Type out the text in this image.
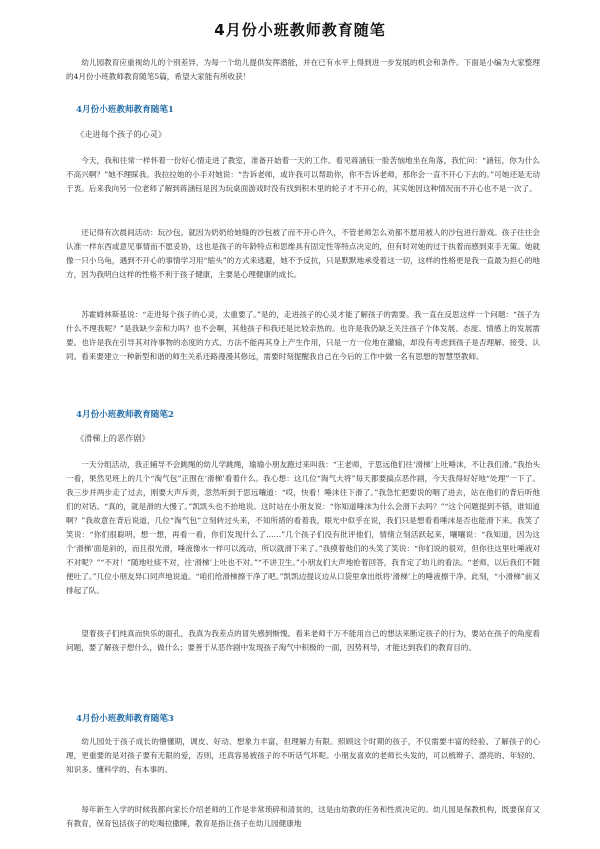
4月份小班教师教育随笔

幼儿园教育应重视幼儿的个别差异，为每一个幼儿提供发挥潜能，并在已有水平上得到进一步发展的机会和条件。下面是小编为大家整理的4月份小班教师教育随笔5篇，希望大家能有所收获！

4月份小班教师教育随笔1
《走进每个孩子的心灵》

今天，我和往常一样怀着一份好心情走进了教室，准备开始着一天的工作。看见蒋涵钰一脸苦恼地坐在角落，我忙问：“涵钰，你为什么不高兴啊？”她不理睬我。我拉拉她的小手对她说：“告诉老师，或许我可以帮助你，你不告诉老师，那你会一直不开心下去的。”可她还是无动于衷。后来我向另一位老师了解到蒋涵钰是因为玩桌面游戏时没有找到积木里的轮子才不开心的，其实她因这种情况而不开心也不是一次了。

还记得有次晨间活动：玩沙包。就因为奶奶给她缝的沙包被了而不开心许久，不管老师怎么劝都不愿用被人的沙包进行游戏。孩子往往会认准一样东西或意见事情而不愿妥协，这也是孩子的年龄特点和思维具有固定性等特点决定的，但有时对她的过于执着而感到束手无策。她就像一只小乌龟，遇到不开心的事情学习用“缩头”的方式来逃避，她不予反抗，只是默默地承受着这一切，这样的性格更是我一直最为担心的地方，因为我明白这样的性格不利于孩子健康，主要是心理健康的成长。

苏霍姆林斯基说：“走进每个孩子的心灵，太重要了。”是的，走进孩子的心灵才能了解孩子的需要。我一直在反思这样一个问题：“孩子为什么不理我呢？”是我缺少亲和力吗？也不会啊，其他孩子和我还是比较亲热的。也许是我仍缺乏关注孩子个体发展、态度、情感上的发展需要。也许是我在引导其对待事物的态度的方式、方法不能再其身上产生作用，只是一方一位地在灌输，却没有考虑到孩子是否理解、接受、认同。看来要建立一种新型和谐的师生关系还路漫漫其修远，需要时刻提醒我自己在今后的工作中做一名有思想的智慧型教师。

4月份小班教师教育随笔2
《滑梯上的恶作剧》

一天分组活动，我正辅导不会跳绳的幼儿学跳绳，瑜瑜小朋友跑过来叫我：“王老师，于思远他们往‘滑梯’上吐唾沫，不让我们滑。”我抬头一看，果然见班上的几个“淘气包”正围在‘滑梯’看着什么。我心想：这几位“淘气大将”每天都要搞点恶作剧，今天我得好好地“处理”一下了。我三步并两步走了过去，刚要大声斥责，忽然听到于思远嚷道：“哎，快看！唾沫往下滑了。”我急忙把要说的咽了进去，站在他们的背后听他们的对话。“真的，就是滑的大慢了。”凯凯头也不抬地说。这时站在小朋友说：“你知道唾沫为什么会滑下去吗？”“这个问题提到不错，谁知道啊？”我故意在背后说道，几位“淘气包”立刻转过头来，不知所措的看着我，眼光中似乎在说，我们只是想看看唾沫是否也能滑下来。我笑了笑说：“你们很聪明，想一想，再看一看，你们发现什么了……”几个孩子们没有批评他们，情绪立刻活跃起来，嚷嚷说：“我知道，因为这个‘滑梯’面是斜的，而且很光滑，唾液像水一样可以流动，所以就滑下来了。”我摸着他们的头笑了笑说：“你们说的很对，但你往这里吐唾液对不对呢？”“不对！”随地吐痰不对，往‘滑梯’上吐也不对。”“不讲卫生。”小朋友们大声地抢着回答，我肯定了幼儿的看法。“老师，以后我们不随便吐了。”几位小朋友异口同声地说道。“咱们给滑梯擦干净了吧。”凯凯边提议边从口袋里拿出纸将‘滑梯’上的唾液擦干净。此刻，“小滑梯”前又排起了队。

望着孩子们纯真而快乐的面孔，我真为我差点的冒失感到惭愧。看来老师千万不能用自己的想法来断定孩子的行为，要站在孩子的角度看问题，要了解孩子想什么，做什么；要善于从恶作剧中发现孩子淘气中积极的一面，因势利导，才能达到我们的教育目的。

4月份小班教师教育随笔3

幼儿园处于孩子成长的懵懂期，调皮、好动、想象力丰富，但理解力有限。照顾这个时期的孩子，不仅需要丰富的经验、了解孩子的心理，更重要的是对孩子要有无限的爱，否则，还真容易被孩子的不听话气坏呢。小朋友喜欢的老师长头发的，可以梳辫子、漂亮的、年轻的、知识多、懂科学的、有本事的。

每年新生入学的时候我都向家长介绍老师的工作是非常琐碎和清贫的，这是由幼教的任务和性质决定的。幼儿园是保教机构，既要保育又有教育，保育包括孩子的吃喝拉撒睡，教育是指让孩子在幼儿园健康地
